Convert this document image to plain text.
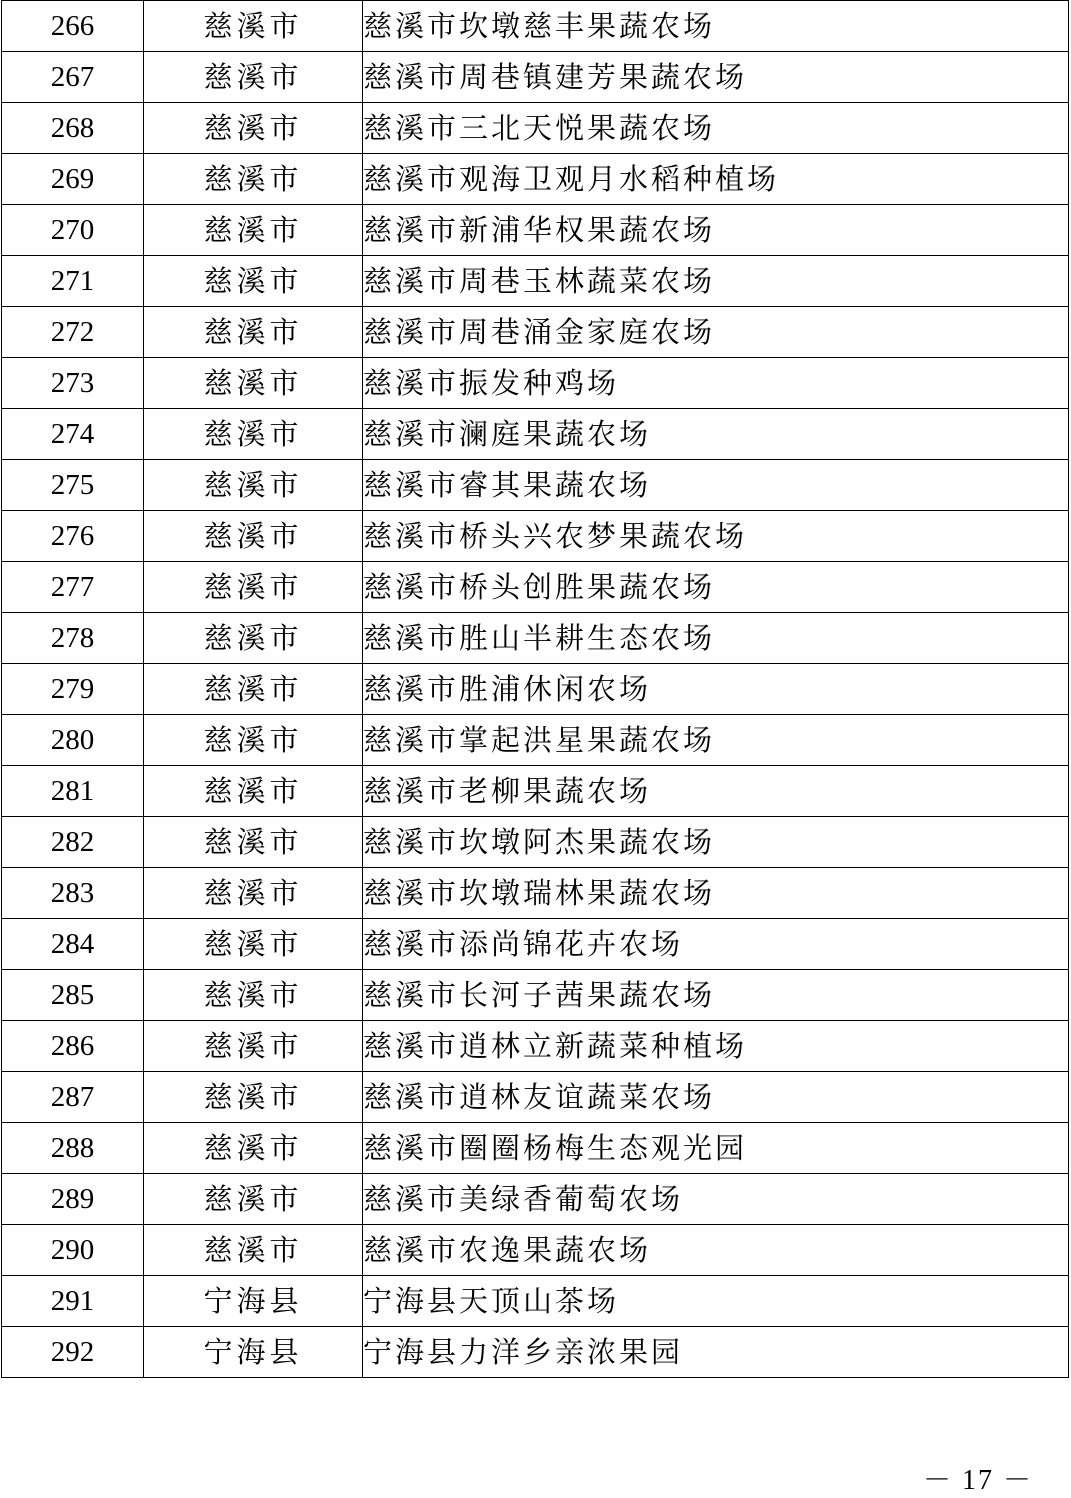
266	慈溪市	慈溪市坎墩慈丰果蔬农场
267	慈溪市	慈溪市周巷镇建芳果蔬农场
268	慈溪市	慈溪市三北天悦果蔬农场
269	慈溪市	慈溪市观海卫观月水稻种植场
270	慈溪市	慈溪市新浦华权果蔬农场
271	慈溪市	慈溪市周巷玉林蔬菜农场
272	慈溪市	慈溪市周巷涌金家庭农场
273	慈溪市	慈溪市振发种鸡场
274	慈溪市	慈溪市澜庭果蔬农场
275	慈溪市	慈溪市睿其果蔬农场
276	慈溪市	慈溪市桥头兴农梦果蔬农场
277	慈溪市	慈溪市桥头创胜果蔬农场
278	慈溪市	慈溪市胜山半耕生态农场
279	慈溪市	慈溪市胜浦休闲农场
280	慈溪市	慈溪市掌起洪星果蔬农场
281	慈溪市	慈溪市老柳果蔬农场
282	慈溪市	慈溪市坎墩阿杰果蔬农场
283	慈溪市	慈溪市坎墩瑞林果蔬农场
284	慈溪市	慈溪市添尚锦花卉农场
285	慈溪市	慈溪市长河子茜果蔬农场
286	慈溪市	慈溪市逍林立新蔬菜种植场
287	慈溪市	慈溪市逍林友谊蔬菜农场
288	慈溪市	慈溪市圈圈杨梅生态观光园
289	慈溪市	慈溪市美绿香葡萄农场
290	慈溪市	慈溪市农逸果蔬农场
291	宁海县	宁海县天顶山茶场
292	宁海县	宁海县力洋乡亲浓果园
－ 17 －
